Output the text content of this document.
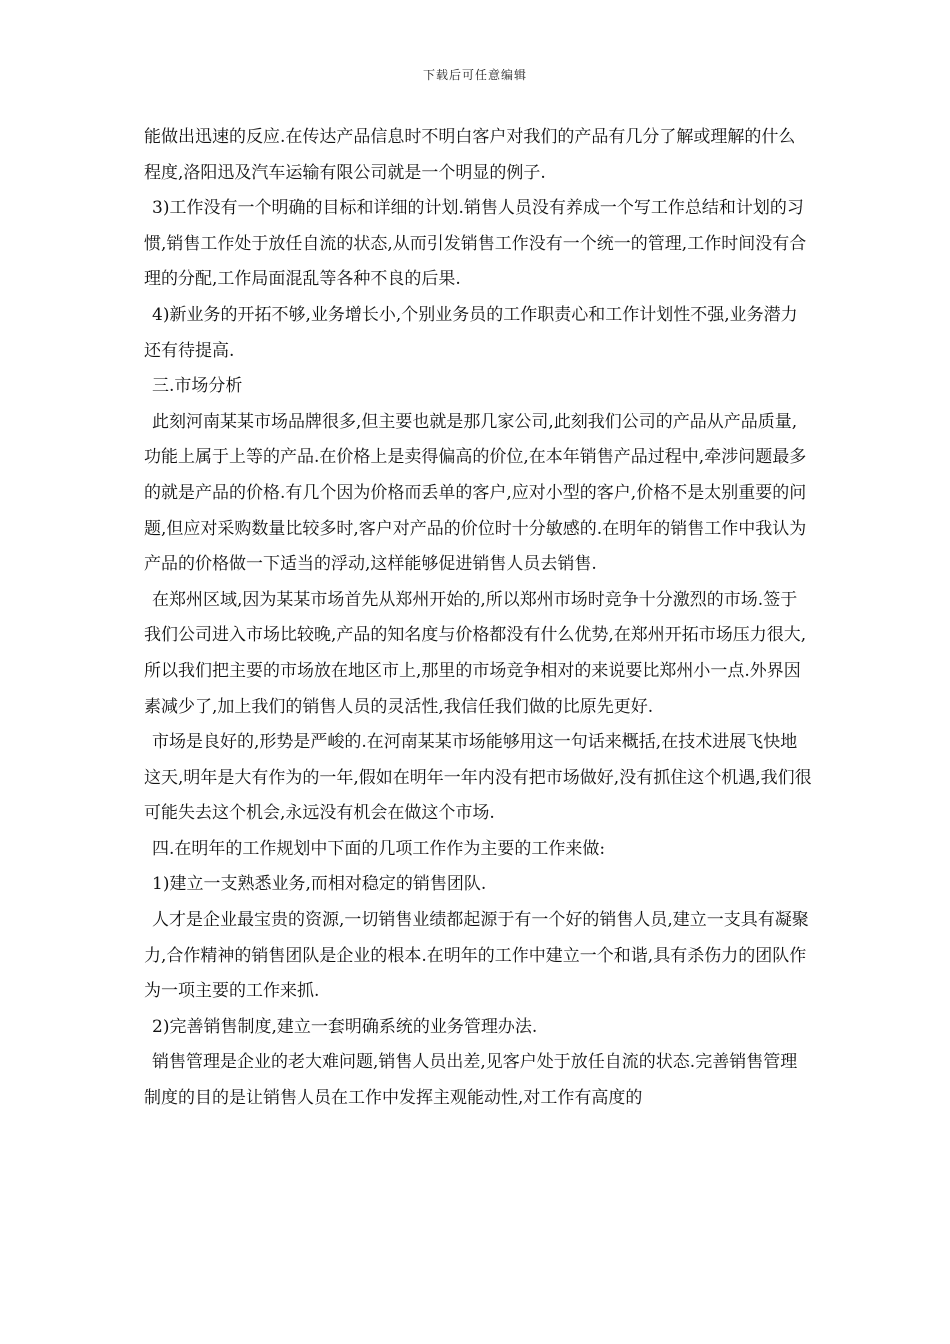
下载后可任意编辑

能做出迅速的反应.在传达产品信息时不明白客户对我们的产品有几分了解或理解的什么程度,洛阳迅及汽车运输有限公司就是一个明显的例子.

3)工作没有一个明确的目标和详细的计划.销售人员没有养成一个写工作总结和计划的习惯,销售工作处于放任自流的状态,从而引发销售工作没有一个统一的管理,工作时间没有合理的分配,工作局面混乱等各种不良的后果.

4)新业务的开拓不够,业务增长小,个别业务员的工作职责心和工作计划性不强,业务潜力还有待提高.

三.市场分析

此刻河南某某市场品牌很多,但主要也就是那几家公司,此刻我们公司的产品从产品质量,功能上属于上等的产品.在价格上是卖得偏高的价位,在本年销售产品过程中,牵涉问题最多的就是产品的价格.有几个因为价格而丢单的客户,应对小型的客户,价格不是太别重要的问题,但应对采购数量比较多时,客户对产品的价位时十分敏感的.在明年的销售工作中我认为产品的价格做一下适当的浮动,这样能够促进销售人员去销售.

在郑州区域,因为某某市场首先从郑州开始的,所以郑州市场时竞争十分激烈的市场.签于我们公司进入市场比较晚,产品的知名度与价格都没有什么优势,在郑州开拓市场压力很大,所以我们把主要的市场放在地区市上,那里的市场竞争相对的来说要比郑州小一点.外界因素减少了,加上我们的销售人员的灵活性,我信任我们做的比原先更好.

市场是良好的,形势是严峻的.在河南某某市场能够用这一句话来概括,在技术进展飞快地这天,明年是大有作为的一年,假如在明年一年内没有把市场做好,没有抓住这个机遇,我们很可能失去这个机会,永远没有机会在做这个市场.

四.在明年的工作规划中下面的几项工作作为主要的工作来做:

1)建立一支熟悉业务,而相对稳定的销售团队.

人才是企业最宝贵的资源,一切销售业绩都起源于有一个好的销售人员,建立一支具有凝聚力,合作精神的销售团队是企业的根本.在明年的工作中建立一个和谐,具有杀伤力的团队作为一项主要的工作来抓.

2)完善销售制度,建立一套明确系统的业务管理办法.

销售管理是企业的老大难问题,销售人员出差,见客户处于放任自流的状态.完善销售管理制度的目的是让销售人员在工作中发挥主观能动性,对工作有高度的
